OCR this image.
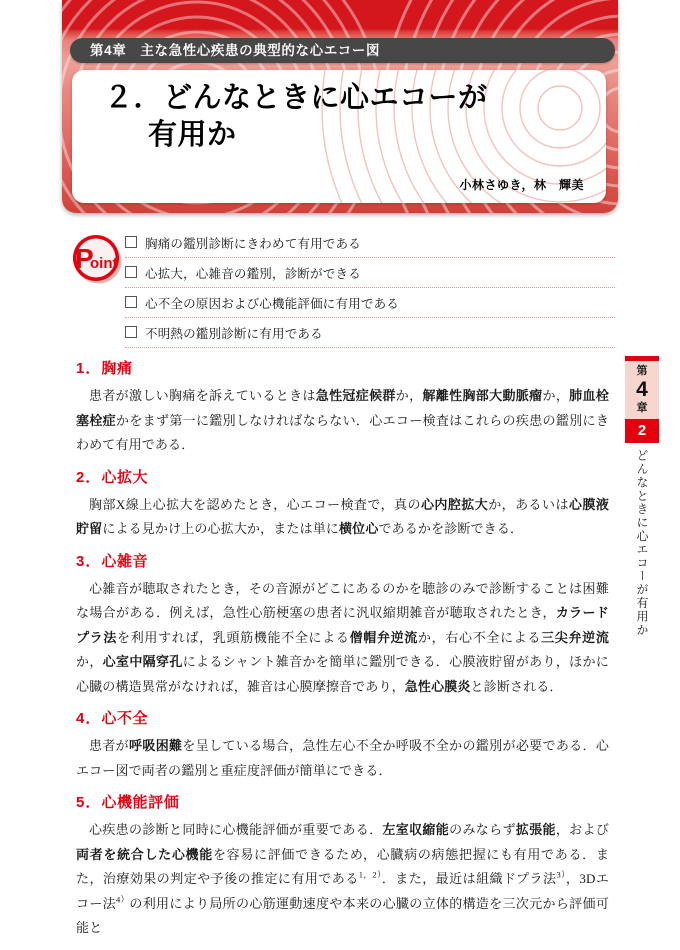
第4章　主な急性心疾患の典型的な心エコー図
２．どんなときに心エコーが
有用か
小林さゆき，林　輝美
P
oint
胸痛の鑑別診断にきわめて有用である
心拡大，心雑音の鑑別，診断ができる
心不全の原因および心機能評価に有用である
不明熱の鑑別診断に有用である
1．胸痛

患者が激しい胸痛を訴えているときは急性冠症候群か，解離性胸部大動脈瘤か，肺血栓塞栓症かをまず第一に鑑別しなければならない．心エコー検査はこれらの疾患の鑑別にきわめて有用である．

2．心拡大

胸部X線上心拡大を認めたとき，心エコー検査で，真の心内腔拡大か，あるいは心膜液貯留による見かけ上の心拡大か，または単に横位心であるかを診断できる．

3．心雑音

心雑音が聴取されたとき，その音源がどこにあるのかを聴診のみで診断することは困難な場合がある．例えば，急性心筋梗塞の患者に汎収縮期雑音が聴取されたとき，カラードプラ法を利用すれば，乳頭筋機能不全による僧帽弁逆流か，右心不全による三尖弁逆流か，心室中隔穿孔によるシャント雑音かを簡単に鑑別できる．心膜液貯留があり，ほかに心臓の構造異常がなければ，雑音は心膜摩擦音であり，急性心膜炎と診断される．

4．心不全

患者が呼吸困難を呈している場合，急性左心不全か呼吸不全かの鑑別が必要である．心エコー図で両者の鑑別と重症度評価が簡単にできる．

5．心機能評価

心疾患の診断と同時に心機能評価が重要である．左室収縮能のみならず拡張能，および両者を統合した心機能を容易に評価できるため，心臓病の病態把握にも有用である．また，治療効果の判定や予後の推定に有用である$^{1,2)}$．また，最近は組織ドプラ法$^{3)}$，3Dエコー法$^{4)}$の利用により局所の心筋運動速度や本来の心臓の立体的構造を三次元から評価可能と

第
4
章
2
どんなときに心エコーが有用か
